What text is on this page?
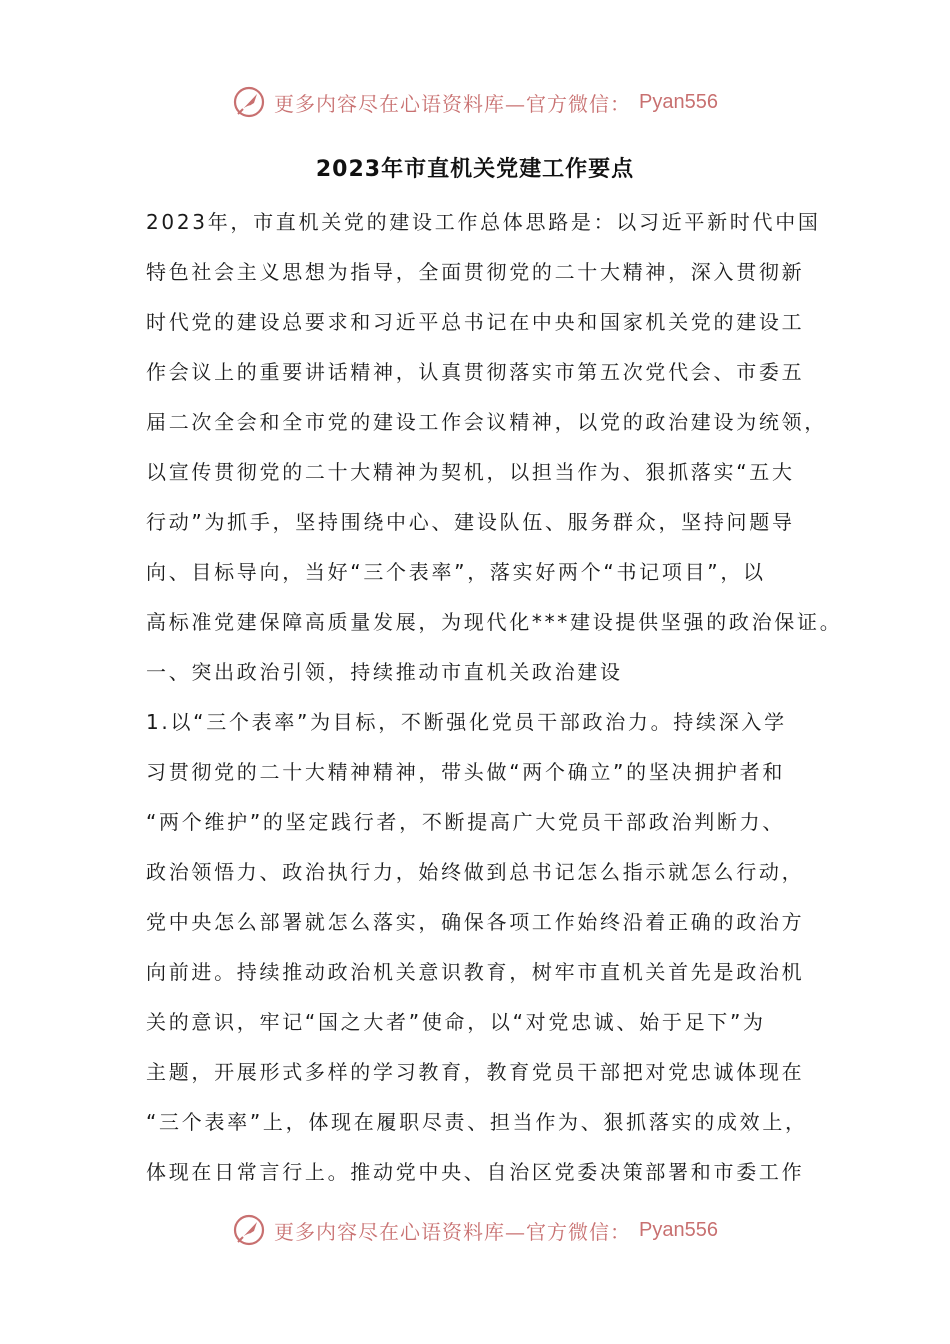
更多内容尽在心语资料库—官方微信： Pyan556
2023年市直机关党建工作要点
2023年，市直机关党的建设工作总体思路是：以习近平新时代中国
特色社会主义思想为指导，全面贯彻党的二十大精神，深入贯彻新
时代党的建设总要求和习近平总书记在中央和国家机关党的建设工
作会议上的重要讲话精神，认真贯彻落实市第五次党代会、市委五
届二次全会和全市党的建设工作会议精神，以党的政治建设为统领，
以宣传贯彻党的二十大精神为契机，以担当作为、狠抓落实“五大
行动”为抓手，坚持围绕中心、建设队伍、服务群众，坚持问题导
向、目标导向，当好“三个表率”，落实好两个“书记项目”，以
高标准党建保障高质量发展，为现代化***建设提供坚强的政治保证。
一、突出政治引领，持续推动市直机关政治建设
1.以“三个表率”为目标，不断强化党员干部政治力。持续深入学
习贯彻党的二十大精神精神，带头做“两个确立”的坚决拥护者和
“两个维护”的坚定践行者，不断提高广大党员干部政治判断力、
政治领悟力、政治执行力，始终做到总书记怎么指示就怎么行动，
党中央怎么部署就怎么落实，确保各项工作始终沿着正确的政治方
向前进。持续推动政治机关意识教育，树牢市直机关首先是政治机
关的意识，牢记“国之大者”使命，以“对党忠诚、始于足下”为
主题，开展形式多样的学习教育，教育党员干部把对党忠诚体现在
“三个表率”上，体现在履职尽责、担当作为、狠抓落实的成效上，
体现在日常言行上。推动党中央、自治区党委决策部署和市委工作
更多内容尽在心语资料库—官方微信： Pyan556
